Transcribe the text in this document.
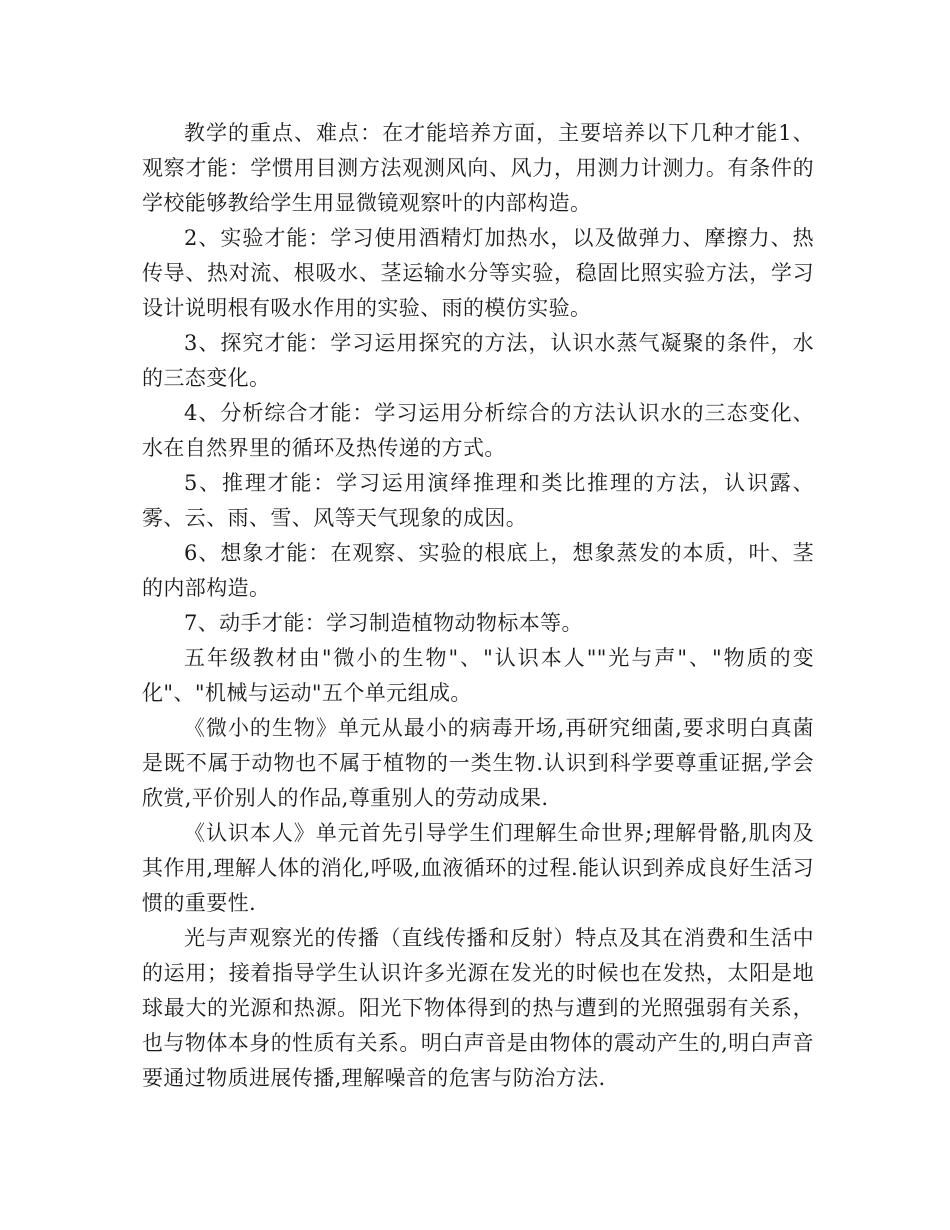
教学的重点、难点：在才能培养方面，主要培养以下几种才能1、观察才能：学惯用目测方法观测风向、风力，用测力计测力。有条件的学校能够教给学生用显微镜观察叶的内部构造。

2、实验才能：学习使用酒精灯加热水，以及做弹力、摩擦力、热传导、热对流、根吸水、茎运输水分等实验，稳固比照实验方法，学习设计说明根有吸水作用的实验、雨的模仿实验。

3、探究才能：学习运用探究的方法，认识水蒸气凝聚的条件，水的三态变化。

4、分析综合才能：学习运用分析综合的方法认识水的三态变化、水在自然界里的循环及热传递的方式。

5、推理才能：学习运用演绎推理和类比推理的方法，认识露、雾、云、雨、雪、风等天气现象的成因。

6、想象才能：在观察、实验的根底上，想象蒸发的本质，叶、茎的内部构造。

7、动手才能：学习制造植物动物标本等。

五年级教材由"微小的生物"、"认识本人""光与声"、"物质的变化"、"机械与运动"五个单元组成。

《微小的生物》单元从最小的病毒开场,再研究细菌,要求明白真菌是既不属于动物也不属于植物的一类生物.认识到科学要尊重证据,学会欣赏,平价别人的作品,尊重别人的劳动成果.

《认识本人》单元首先引导学生们理解生命世界;理解骨骼,肌肉及其作用,理解人体的消化,呼吸,血液循环的过程.能认识到养成良好生活习惯的重要性.

光与声观察光的传播（直线传播和反射）特点及其在消费和生活中的运用；接着指导学生认识许多光源在发光的时候也在发热，太阳是地球最大的光源和热源。阳光下物体得到的热与遭到的光照强弱有关系，也与物体本身的性质有关系。明白声音是由物体的震动产生的,明白声音要通过物质进展传播,理解噪音的危害与防治方法.
